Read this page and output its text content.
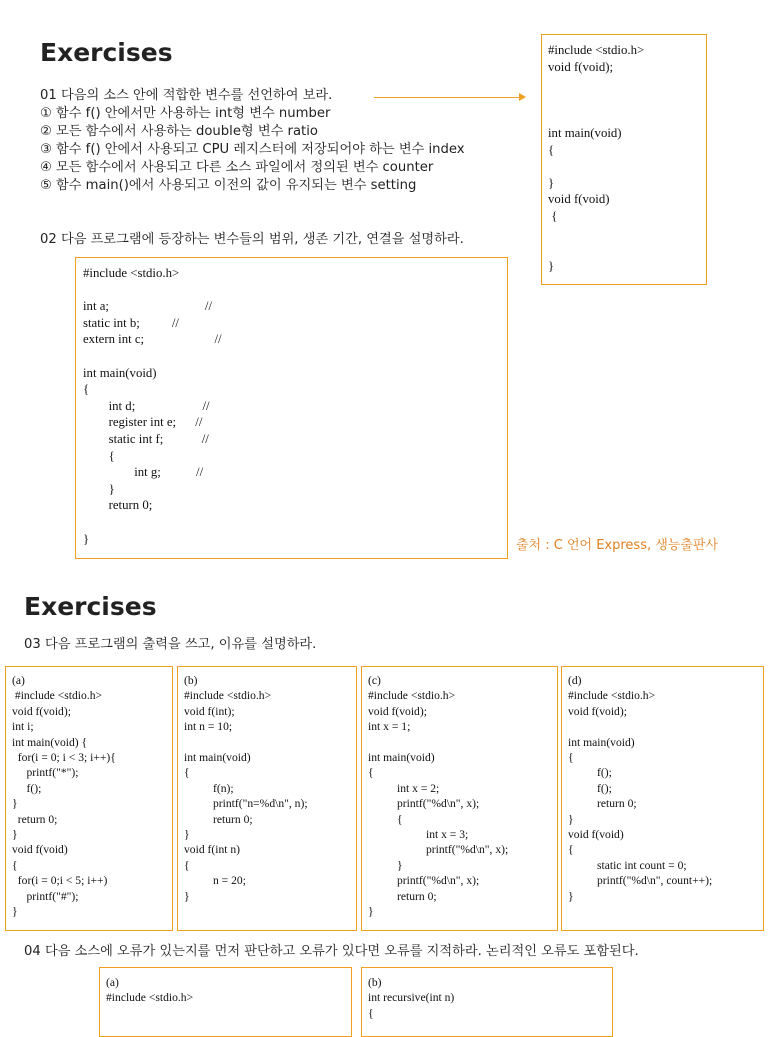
Exercises
01 다음의 소스 안에 적합한 변수를 선언하여 보라.
① 함수 f() 안에서만 사용하는 int형 변수 number
② 모든 함수에서 사용하는 double형 변수 ratio
③ 함수 f() 안에서 사용되고 CPU 레지스터에 저장되어야 하는 변수 index
④ 모든 함수에서 사용되고 다른 소스 파일에서 정의된 변수 counter
⑤ 함수 main()에서 사용되고 이전의 값이 유지되는 변수 setting
#include <stdio.h>
void f(void);

int main(void)
{

}
void f(void)
{

}
02 다음 프로그램에 등장하는 변수들의 범위, 생존 기간, 연결을 설명하라.
#include <stdio.h>

int a;                              //
static int b;          //
extern int c;                      //

int main(void)
{
int d;                     //
register int e;      //
static int f;            //
{
int g;           //
}
return 0;

}	출처 : C 언어 Express, 생능출판사
Exercises
03 다음 프로그램의 출력을 쓰고, 이유를 설명하라.
(a)
#include <stdio.h>
void f(void);
int i;
int main(void) {
for(i = 0; i < 3; i++){
printf("*");
f();
}
return 0;
}
void f(void)
{
for(i = 0;i < 5; i++)
printf("#");
}
(b)
#include <stdio.h>
void f(int);
int n = 10;

int main(void)
{
f(n);
printf("n=%d\n", n);
return 0;
}
void f(int n)
{
n = 20;
}
(c)
#include <stdio.h>
void f(void);
int x = 1;

int main(void)
{
int x = 2;
printf("%d\n", x);
{
int x = 3;
printf("%d\n", x);
}
printf("%d\n", x);
return 0;
}
(d)
#include <stdio.h>
void f(void);

int main(void)
{
f();
f();
return 0;
}
void f(void)
{
static int count = 0;
printf("%d\n", count++);
}
04 다음 소스에 오류가 있는지를 먼저 판단하고 오류가 있다면 오류를 지적하라. 논리적인 오류도 포함된다.
(a)
#include <stdio.h>
(b)
int recursive(int n)
{
